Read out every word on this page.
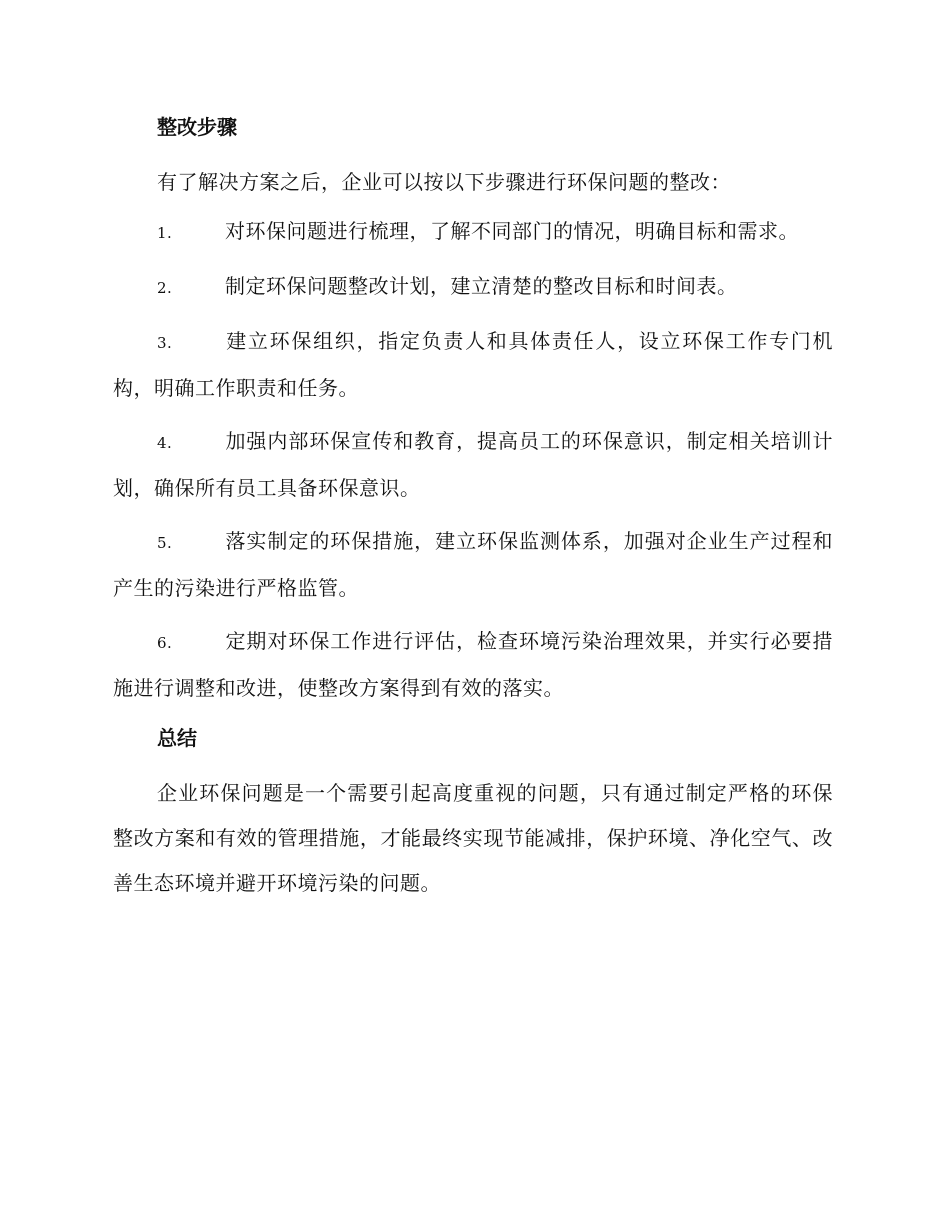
整改步骤

有了解决方案之后，企业可以按以下步骤进行环保问题的整改：

1.	对环保问题进行梳理，了解不同部门的情况，明确目标和需求。
2.	制定环保问题整改计划，建立清楚的整改目标和时间表。
3.	建立环保组织，指定负责人和具体责任人，设立环保工作专门机构，明确工作职责和任务。
4.	加强内部环保宣传和教育，提高员工的环保意识，制定相关培训计划，确保所有员工具备环保意识。
5.	落实制定的环保措施，建立环保监测体系，加强对企业生产过程和产生的污染进行严格监管。
6.	定期对环保工作进行评估，检查环境污染治理效果，并实行必要措施进行调整和改进，使整改方案得到有效的落实。
总结

企业环保问题是一个需要引起高度重视的问题，只有通过制定严格的环保整改方案和有效的管理措施，才能最终实现节能减排，保护环境、净化空气、改善生态环境并避开环境污染的问题。
